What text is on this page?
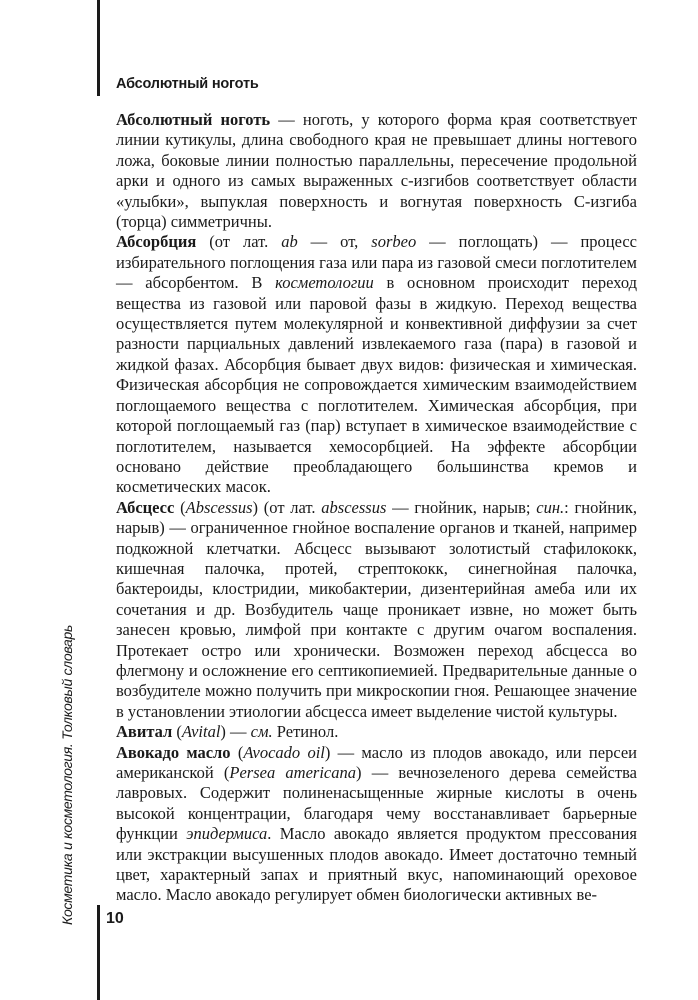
Абсолютный ноготь
Косметика и косметология. Толковый словарь 10

Абсолютный ноготь — ноготь, у которого форма края соответствует линии кутикулы, длина свободного края не превышает длины ногтевого ложа, боковые линии полностью параллельны, пересечение продольной арки и одного из самых выраженных с-изгибов соответствует области «улыбки», выпуклая поверхность и вогнутая поверхность С-изгиба (торца) симметричны.

Абсорбция (от лат. ab — от, sorbeo — поглощать) — процесс избирательного поглощения газа или пара из газовой смеси поглотителем — абсорбентом. В косметологии в основном происходит переход вещества из газовой или паровой фазы в жидкую. Переход вещества осуществляется путем молекулярной и конвективной диффузии за счет разности парциальных давлений извлекаемого газа (пара) в газовой и жидкой фазах. Абсорбция бывает двух видов: физическая и химическая. Физическая абсорбция не сопровождается химическим взаимодействием поглощаемого вещества с поглотителем. Химическая абсорбция, при которой поглощаемый газ (пар) вступает в химическое взаимодействие с поглотителем, называется хемосорбцией. На эффекте абсорбции основано действие преобладающего большинства кремов и косметических масок.

Абсцесс (Abscessus) (от лат. abscessus — гнойник, нарыв; син.: гнойник, нарыв) — ограниченное гнойное воспаление органов и тканей, например подкожной клетчатки. Абсцесс вызывают золотистый стафилококк, кишечная палочка, протей, стрептококк, синегнойная палочка, бактероиды, клостридии, микобактерии, дизентерийная амеба или их сочетания и др. Возбудитель чаще проникает извне, но может быть занесен кровью, лимфой при контакте с другим очагом воспаления. Протекает остро или хронически. Возможен переход абсцесса во флегмону и осложнение его септикопиемией. Предварительные данные о возбудителе можно получить при микроскопии гноя. Решающее значение в установлении этиологии абсцесса имеет выделение чистой культуры.

Авитал (Avital) — см. Ретинол.

Авокадо масло (Avocado oil) — масло из плодов авокадо, или персеи американской (Persea americana) — вечнозеленого дерева семейства лавровых. Содержит полиненасыщенные жирные кислоты в очень высокой концентрации, благодаря чему восстанавливает барьерные функции эпидермиса. Масло авокадо является продуктом прессования или экстракции высушенных плодов авокадо. Имеет достаточно темный цвет, характерный запах и приятный вкус, напоминающий ореховое масло. Масло авокадо регулирует обмен биологически активных ве-
